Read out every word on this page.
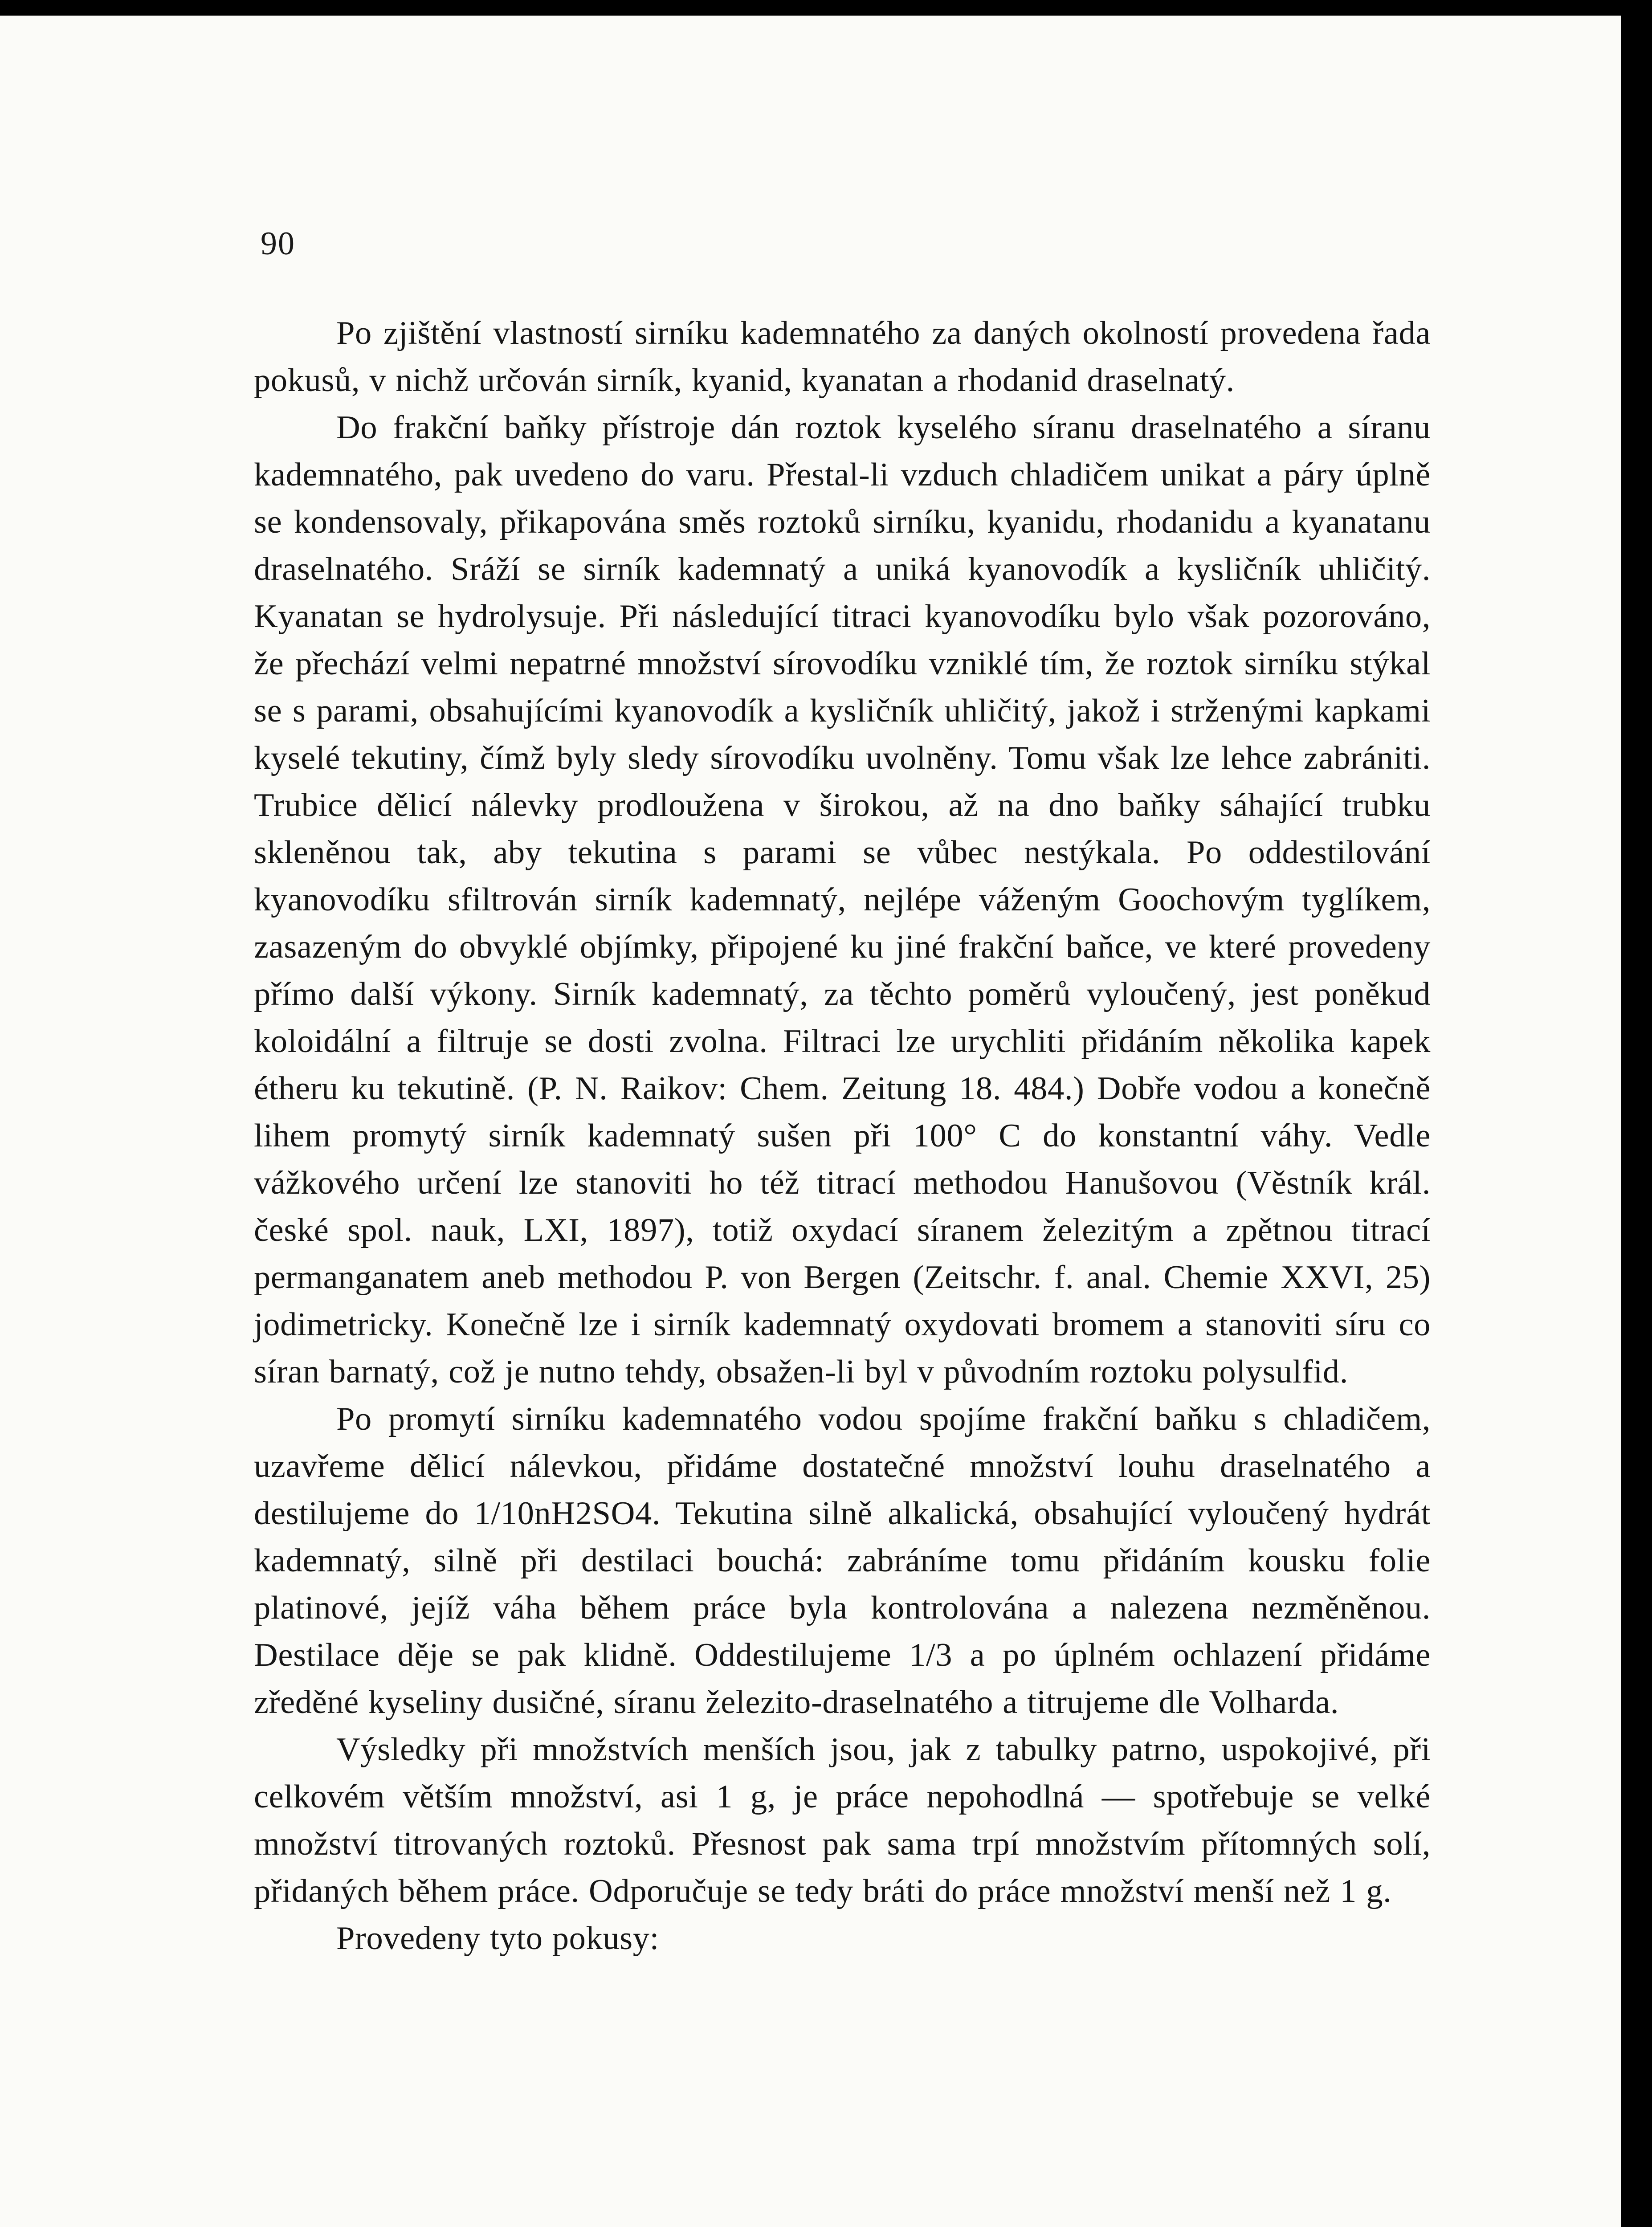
90

Po zjištění vlastností sirníku kademnatého za daných okolností provedena řada pokusů, v nichž určován sirník, kyanid, kyanatan a rhodanid draselnatý.

Do frakční baňky přístroje dán roztok kyselého síranu draselnatého a síranu kademnatého, pak uvedeno do varu. Přestal-li vzduch chladičem unikat a páry úplně se kondensovaly, přikapována směs roztoků sirníku, kyanidu, rhodanidu a kyanatanu draselnatého. Sráží se sirník kademnatý a uniká kyanovodík a kysličník uhličitý. Kyanatan se hydrolysuje. Při následující titraci kyanovodíku bylo však pozorováno, že přechází velmi nepatrné množství sírovodíku vzniklé tím, že roztok sirníku stýkal se s parami, obsahujícími kyanovodík a kysličník uhličitý, jakož i strženými kapkami kyselé tekutiny, čímž byly sledy sírovodíku uvolněny. Tomu však lze lehce zabrániti. Trubice dělicí nálevky prodloužena v širokou, až na dno baňky sáhající trubku skleněnou tak, aby tekutina s parami se vůbec nestýkala. Po oddestilování kyanovodíku sfiltrován sirník kademnatý, nejlépe váženým Goochovým tyglíkem, zasazeným do obvyklé objímky, připojené ku jiné frakční baňce, ve které provedeny přímo další výkony. Sirník kademnatý, za těchto poměrů vyloučený, jest poněkud koloidální a filtruje se dosti zvolna. Filtraci lze urychliti přidáním několika kapek étheru ku tekutině. (P. N. Raikov: Chem. Zeitung 18. 484.) Dobře vodou a konečně lihem promytý sirník kademnatý sušen při 100° C do konstantní váhy. Vedle vážkového určení lze stanoviti ho též titrací methodou Hanušovou (Věstník král. české spol. nauk, LXI, 1897), totiž oxydací síranem železitým a zpětnou titrací permanganatem aneb methodou P. von Bergen (Zeitschr. f. anal. Chemie XXVI, 25) jodimetricky. Konečně lze i sirník kademnatý oxydovati bromem a stanoviti síru co síran barnatý, což je nutno tehdy, obsažen-li byl v původním roztoku polysulfid.

Po promytí sirníku kademnatého vodou spojíme frakční baňku s chladičem, uzavřeme dělicí nálevkou, přidáme dostatečné množství louhu draselnatého a destilujeme do 1/10nH2SO4. Tekutina silně alkalická, obsahující vyloučený hydrát kademnatý, silně při destilaci bouchá: zabráníme tomu přidáním kousku folie platinové, jejíž váha během práce byla kontrolována a nalezena nezměněnou. Destilace děje se pak klidně. Oddestilujeme 1/3 a po úplném ochlazení přidáme zředěné kyseliny dusičné, síranu železito-draselnatého a titrujeme dle Volharda.

Výsledky při množstvích menších jsou, jak z tabulky patrno, uspokojivé, při celkovém větším množství, asi 1 g, je práce nepohodlná — spotřebuje se velké množství titrovaných roztoků. Přesnost pak sama trpí množstvím přítomných solí, přidaných během práce. Odporučuje se tedy bráti do práce množství menší než 1 g.

Provedeny tyto pokusy:
